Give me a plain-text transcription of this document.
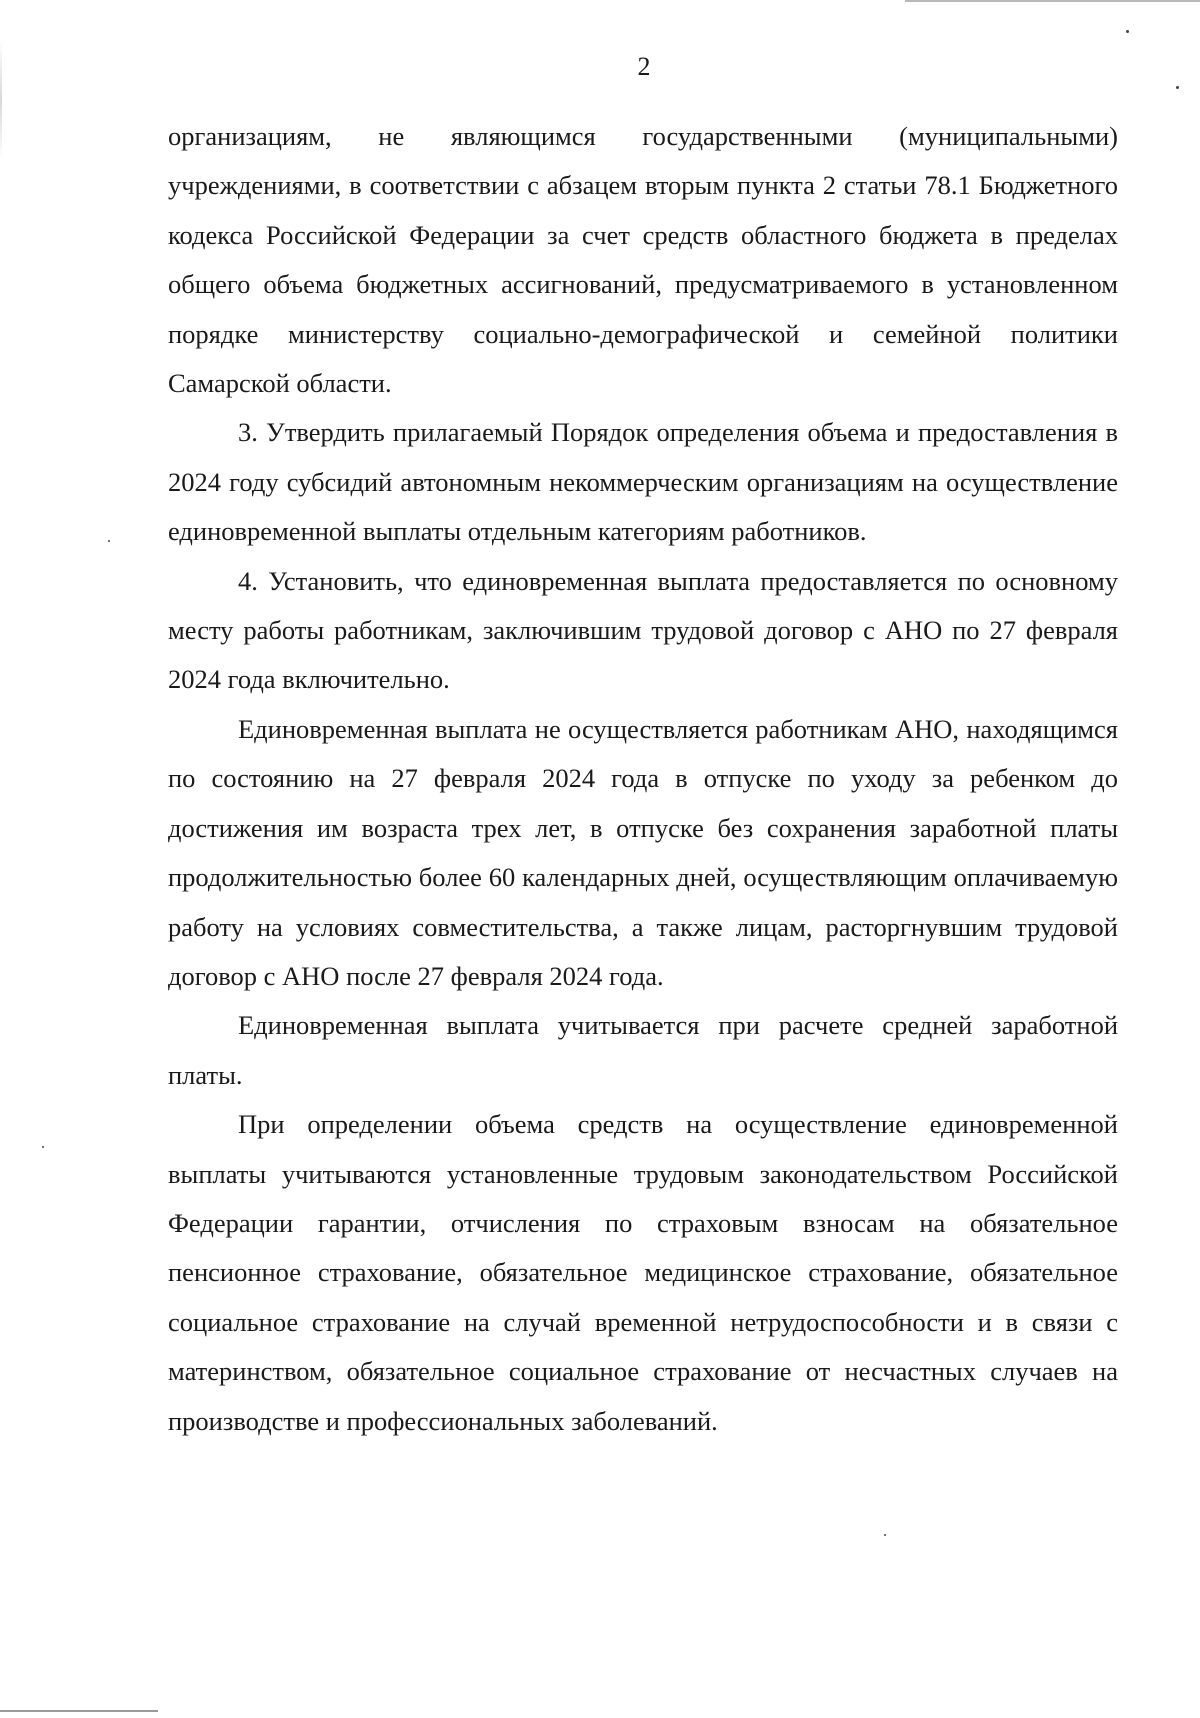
2

организациям, не являющимся государственными (муниципальными) учреждениями, в соответствии с абзацем вторым пункта 2 статьи 78.1 Бюджетного кодекса Российской Федерации за счет средств областного бюджета в пределах общего объема бюджетных ассигнований, предусматриваемого в установленном порядке министерству социально-демографической и семейной политики Самарской области.

3. Утвердить прилагаемый Порядок определения объема и предоставления в 2024 году субсидий автономным некоммерческим организациям на осуществление единовременной выплаты отдельным категориям работников.

4. Установить, что единовременная выплата предоставляется по основному месту работы работникам, заключившим трудовой договор с АНО по 27 февраля 2024 года включительно.

Единовременная выплата не осуществляется работникам АНО, находящимся по состоянию на 27 февраля 2024 года в отпуске по уходу за ребенком до достижения им возраста трех лет, в отпуске без сохранения заработной платы продолжительностью более 60 календарных дней, осуществляющим оплачиваемую работу на условиях совместительства, а также лицам, расторгнувшим трудовой договор с АНО после 27 февраля 2024 года.

Единовременная выплата учитывается при расчете средней заработной платы.

При определении объема средств на осуществление единовременной выплаты учитываются установленные трудовым законодательством Российской Федерации гарантии, отчисления по страховым взносам на обязательное пенсионное страхование, обязательное медицинское страхование, обязательное социальное страхование на случай временной нетрудоспособности и в связи с материнством, обязательное социальное страхование от несчастных случаев на производстве и профессиональных заболеваний.
